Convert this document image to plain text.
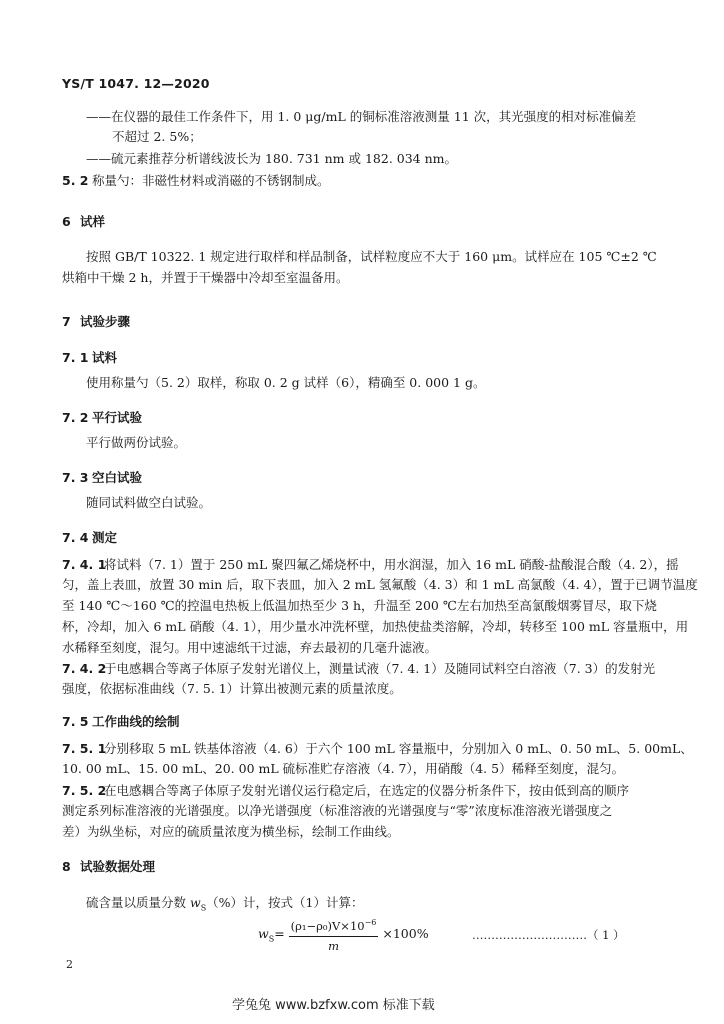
YS/T 1047. 12—2020
——在仪器的最佳工作条件下，用 1. 0 μg/mL 的铜标准溶液测量 11 次，其光强度的相对标准偏差
不超过 2. 5%；
——硫元素推荐分析谱线波长为 180. 731 nm 或 182. 034 nm。
5. 2 称量勺：非磁性材料或消磁的不锈钢制成。
6 试样
按照 GB/T 10322. 1 规定进行取样和样品制备，试样粒度应不大于 160 μm。试样应在 105 ℃±2 ℃
烘箱中干燥 2 h，并置于干燥器中冷却至室温备用。
7 试验步骤
7. 1 试料
使用称量勺（5. 2）取样，称取 0. 2 g 试样（6），精确至 0. 000 1 g。
7. 2 平行试验
平行做两份试验。
7. 3 空白试验
随同试料做空白试验。
7. 4 测定
7. 4. 1将试料（7. 1）置于 250 mL 聚四氟乙烯烧杯中，用水润湿，加入 16 mL 硝酸-盐酸混合酸（4. 2），摇
匀，盖上表皿，放置 30 min 后，取下表皿，加入 2 mL 氢氟酸（4. 3）和 1 mL 高氯酸（4. 4），置于已调节温度
至 140 ℃～160 ℃的控温电热板上低温加热至少 3 h，升温至 200 ℃左右加热至高氯酸烟雾冒尽，取下烧
杯，冷却，加入 6 mL 硝酸（4. 1），用少量水冲洗杯壁，加热使盐类溶解，冷却，转移至 100 mL 容量瓶中，用
水稀释至刻度，混匀。用中速滤纸干过滤，弃去最初的几毫升滤液。
7. 4. 2于电感耦合等离子体原子发射光谱仪上，测量试液（7. 4. 1）及随同试料空白溶液（7. 3）的发射光
强度，依据标准曲线（7. 5. 1）计算出被测元素的质量浓度。
7. 5 工作曲线的绘制
7. 5. 1分别移取 5 mL 铁基体溶液（4. 6）于六个 100 mL 容量瓶中，分别加入 0 mL、0. 50 mL、5. 00mL、
10. 00 mL、15. 00 mL、20. 00 mL 硫标准贮存溶液（4. 7），用硝酸（4. 5）稀释至刻度，混匀。
7. 5. 2在电感耦合等离子体原子发射光谱仪运行稳定后，在选定的仪器分析条件下，按由低到高的顺序
测定系列标准溶液的光谱强度。以净光谱强度（标准溶液的光谱强度与“零”浓度标准溶液光谱强度之
差）为纵坐标，对应的硫质量浓度为横坐标，绘制工作曲线。
8 试验数据处理
硫含量以质量分数 $w_S(\%)$计，按式（1）计算：
$w_S= \frac{(\rho_1-\rho_0)V\times 10^{-6}}{m} \times 100\%$	…………………………（ 1 ）
2
学兔兔 www.bzfxw.com 标准下载
